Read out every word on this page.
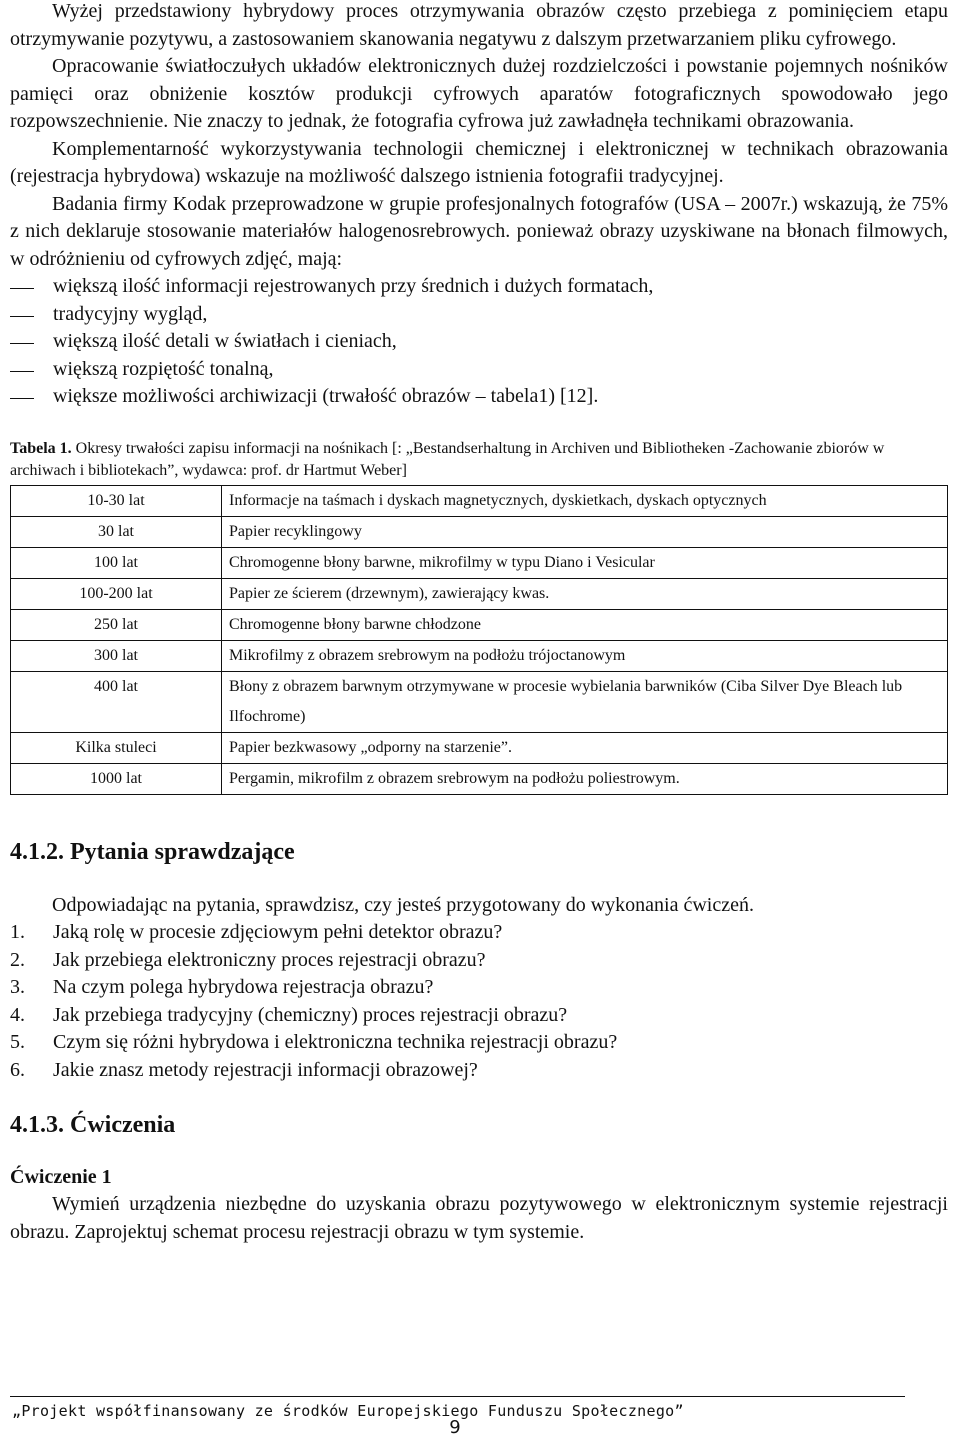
Wyżej przedstawiony hybrydowy proces otrzymywania obrazów często przebiega z pominięciem etapu otrzymywanie pozytywu, a zastosowaniem skanowania negatywu z dalszym przetwarzaniem pliku cyfrowego.

Opracowanie światłoczułych układów elektronicznych dużej rozdzielczości i powstanie pojemnych nośników pamięci oraz obniżenie kosztów produkcji cyfrowych aparatów fotograficznych spowodowało jego rozpowszechnienie. Nie znaczy to jednak, że fotografia cyfrowa już zawładnęła technikami obrazowania.

Komplementarność wykorzystywania technologii chemicznej i elektronicznej w technikach obrazowania (rejestracja hybrydowa) wskazuje na możliwość dalszego istnienia fotografii tradycyjnej.

Badania firmy Kodak przeprowadzone w grupie profesjonalnych fotografów (USA – 2007r.) wskazują, że 75% z nich deklaruje stosowanie materiałów halogenosrebrowych. ponieważ obrazy uzyskiwane na błonach filmowych, w odróżnieniu od cyfrowych zdjęć, mają:

większą ilość informacji rejestrowanych przy średnich i dużych formatach,
tradycyjny wygląd,
większą ilość detali w światłach i cieniach,
większą rozpiętość tonalną,
większe możliwości archiwizacji (trwałość obrazów – tabela1) [12].

Tabela 1. Okresy trwałości zapisu informacji na nośnikach [: „Bestandserhaltung in Archiven und Bibliotheken -Zachowanie zbiorów w archiwach i bibliotekach”, wydawca: prof. dr Hartmut Weber]

10-30 lat	Informacje na taśmach i dyskach magnetycznych, dyskietkach, dyskach optycznych
30 lat	Papier recyklingowy
100 lat	Chromogenne błony barwne, mikrofilmy w typu Diano i Vesicular
100-200 lat	Papier ze ścierem (drzewnym), zawierający kwas.
250 lat	Chromogenne błony barwne chłodzone
300 lat	Mikrofilmy z obrazem srebrowym na podłożu trójoctanowym
400 lat	Błony z obrazem barwnym otrzymywane w procesie wybielania barwników (Ciba Silver Dye Bleach lub Ilfochrome)
Kilka stuleci	Papier bezkwasowy „odporny na starzenie”.
1000 lat	Pergamin, mikrofilm z obrazem srebrowym na podłożu poliestrowym.
4.1.2. Pytania sprawdzające

Odpowiadając na pytania, sprawdzisz, czy jesteś przygotowany do wykonania ćwiczeń.

1. Jaką rolę w procesie zdjęciowym pełni detektor obrazu?
2. Jak przebiega elektroniczny proces rejestracji obrazu?
3. Na czym polega hybrydowa rejestracja obrazu?
4. Jak przebiega tradycyjny (chemiczny) proces rejestracji obrazu?
5. Czym się różni hybrydowa i elektroniczna technika rejestracji obrazu?
6. Jakie znasz metody rejestracji informacji obrazowej?
4.1.3. Ćwiczenia
Ćwiczenie 1

Wymień urządzenia niezbędne do uzyskania obrazu pozytywowego w elektronicznym systemie rejestracji obrazu. Zaprojektuj schemat procesu rejestracji obrazu w tym systemie.

„Projekt współfinansowany ze środków Europejskiego Funduszu Społecznego”
9
